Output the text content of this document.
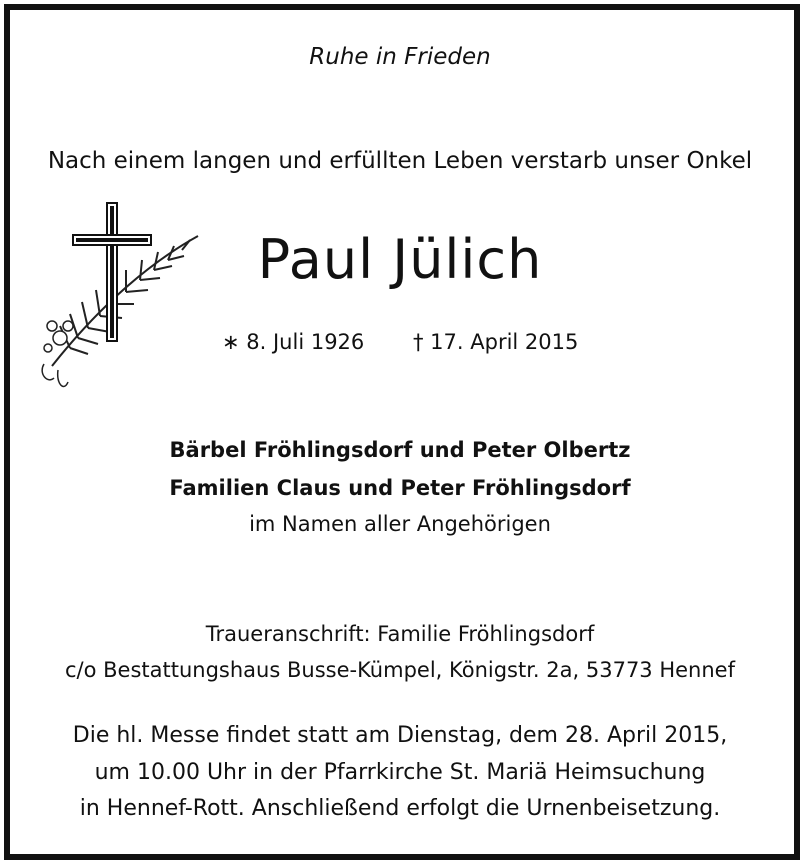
Ruhe in Frieden
Nach einem langen und erfüllten Leben verstarb unser Onkel
Paul Jülich
∗ 8. Juli 1926 † 17. April 2015
Bärbel Fröhlingsdorf und Peter Olbertz
Familien Claus und Peter Fröhlingsdorf
im Namen aller Angehörigen
Traueranschrift: Familie Fröhlingsdorf
c/o Bestattungshaus Busse-Kümpel, Königstr. 2a, 53773 Hennef
Die hl. Messe findet statt am Dienstag, dem 28. April 2015,
um 10.00 Uhr in der Pfarrkirche St. Mariä Heimsuchung
in Hennef-Rott. Anschließend erfolgt die Urnenbeisetzung.
